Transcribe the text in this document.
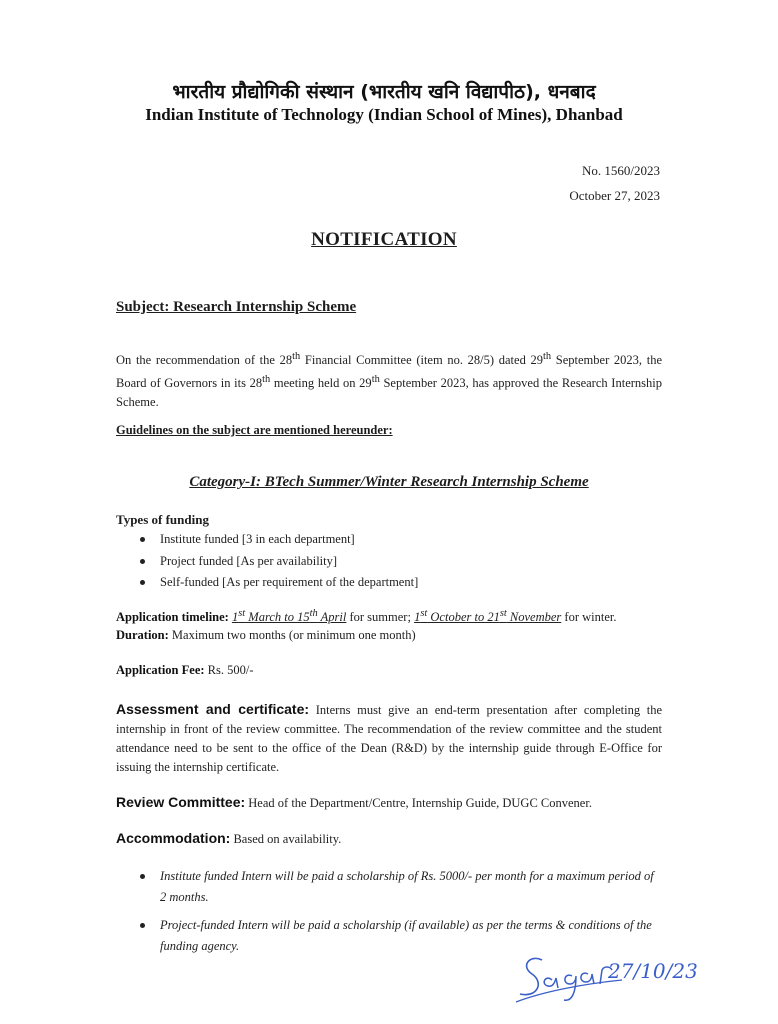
भारतीय प्रौद्योगिकी संस्थान (भारतीय खनि विद्यापीठ), धनबाद
Indian Institute of Technology (Indian School of Mines), Dhanbad
No. 1560/2023
October 27, 2023
NOTIFICATION
Subject: Research Internship Scheme
On the recommendation of the 28th Financial Committee (item no. 28/5) dated 29th September 2023, the Board of Governors in its 28th meeting held on 29th September 2023, has approved the Research Internship Scheme.
Guidelines on the subject are mentioned hereunder:
Category-I: BTech Summer/Winter Research Internship Scheme
Types of funding
Institute funded [3 in each department]
Project funded [As per availability]
Self-funded [As per requirement of the department]
Application timeline: 1st March to 15th April for summer; 1st October to 21st November for winter.
Duration: Maximum two months (or minimum one month)
Application Fee: Rs. 500/-
Assessment and certificate: Interns must give an end-term presentation after completing the internship in front of the review committee. The recommendation of the review committee and the student attendance need to be sent to the office of the Dean (R&D) by the internship guide through E-Office for issuing the internship certificate.
Review Committee: Head of the Department/Centre, Internship Guide, DUGC Convener.
Accommodation: Based on availability.
Institute funded Intern will be paid a scholarship of Rs. 5000/- per month for a maximum period of 2 months.
Project-funded Intern will be paid a scholarship (if available) as per the terms & conditions of the funding agency.
27/10/23
